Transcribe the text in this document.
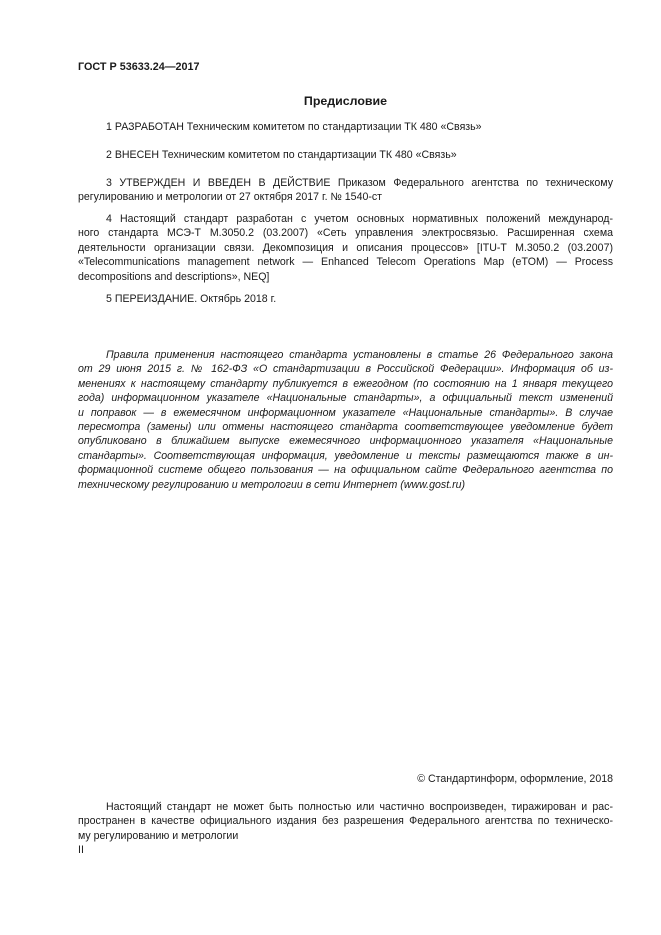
ГОСТ Р 53633.24—2017
Предисловие
1 РАЗРАБОТАН Техническим комитетом по стандартизации ТК 480 «Связь»
2 ВНЕСЕН Техническим комитетом по стандартизации ТК 480 «Связь»
3 УТВЕРЖДЕН И ВВЕДЕН В ДЕЙСТВИЕ Приказом Федерального агентства по техническому
регулированию и метрологии от 27 октября 2017 г. № 1540-ст
4 Настоящий стандарт разработан с учетом основных нормативных положений международ-
ного стандарта МСЭ-Т М.3050.2 (03.2007) «Сеть управления электросвязью. Расширенная схема
деятельности организации связи. Декомпозиция и описания процессов» [ITU-T M.3050.2 (03.2007)
«Telecommunications management network — Enhanced Telecom Operations Map (eTOM) — Process
decompositions and descriptions», NEQ]
5 ПЕРЕИЗДАНИЕ. Октябрь 2018 г.
Правила применения настоящего стандарта установлены в статье 26 Федерального закона
от 29 июня 2015 г. № 162-ФЗ «О стандартизации в Российской Федерации». Информация об из-
менениях к настоящему стандарту публикуется в ежегодном (по состоянию на 1 января текущего
года) информационном указателе «Национальные стандарты», а официальный текст изменений
и поправок — в ежемесячном информационном указателе «Национальные стандарты». В случае
пересмотра (замены) или отмены настоящего стандарта соответствующее уведомление будет
опубликовано в ближайшем выпуске ежемесячного информационного указателя «Национальные
стандарты». Соответствующая информация, уведомление и тексты размещаются также в ин-
формационной системе общего пользования — на официальном сайте Федерального агентства по
техническому регулированию и метрологии в сети Интернет (www.gost.ru)
© Стандартинформ, оформление, 2018
Настоящий стандарт не может быть полностью или частично воспроизведен, тиражирован и рас-
пространен в качестве официального издания без разрешения Федерального агентства по техническо-
му регулированию и метрологии
II
